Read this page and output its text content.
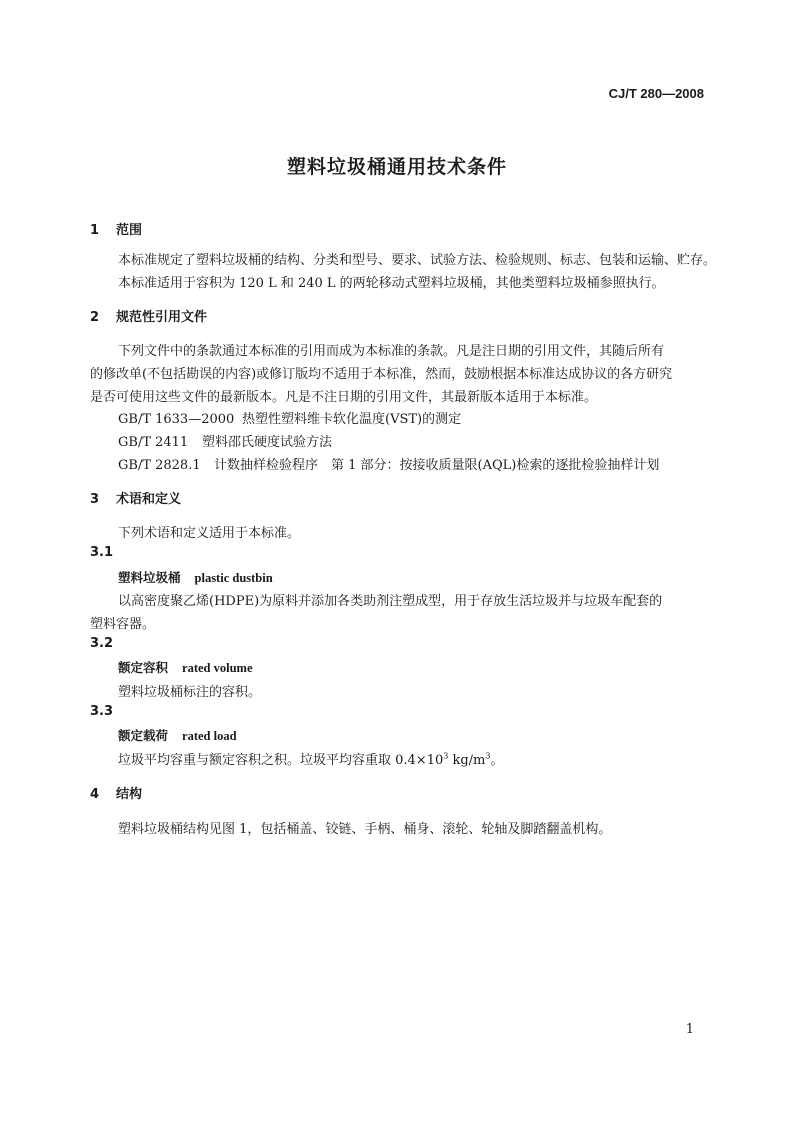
CJ/T 280—2008
塑料垃圾桶通用技术条件
1 范围
本标准规定了塑料垃圾桶的结构、分类和型号、要求、试验方法、检验规则、标志、包装和运输、贮存。
本标准适用于容积为 120 L 和 240 L 的两轮移动式塑料垃圾桶，其他类塑料垃圾桶参照执行。
2 规范性引用文件
下列文件中的条款通过本标准的引用而成为本标准的条款。凡是注日期的引用文件，其随后所有
的修改单(不包括勘误的内容)或修订版均不适用于本标准，然而，鼓励根据本标准达成协议的各方研究
是否可使用这些文件的最新版本。凡是不注日期的引用文件，其最新版本适用于本标准。
GB/T 1633—2000 热塑性塑料维卡软化温度(VST)的测定
GB/T 2411 塑料邵氏硬度试验方法
GB/T 2828.1 计数抽样检验程序　第 1 部分：按接收质量限(AQL)检索的逐批检验抽样计划
3 术语和定义
下列术语和定义适用于本标准。
3.1
塑料垃圾桶 plastic dustbin
以高密度聚乙烯(HDPE)为原料并添加各类助剂注塑成型，用于存放生活垃圾并与垃圾车配套的
塑料容器。
3.2
额定容积 rated volume
塑料垃圾桶标注的容积。
3.3
额定载荷 rated load
垃圾平均容重与额定容积之积。垃圾平均容重取 $0.4\times 10^3$ $kg/m^3$。
4 结构
塑料垃圾桶结构见图 1，包括桶盖、铰链、手柄、桶身、滚轮、轮轴及脚踏翻盖机构。
1
